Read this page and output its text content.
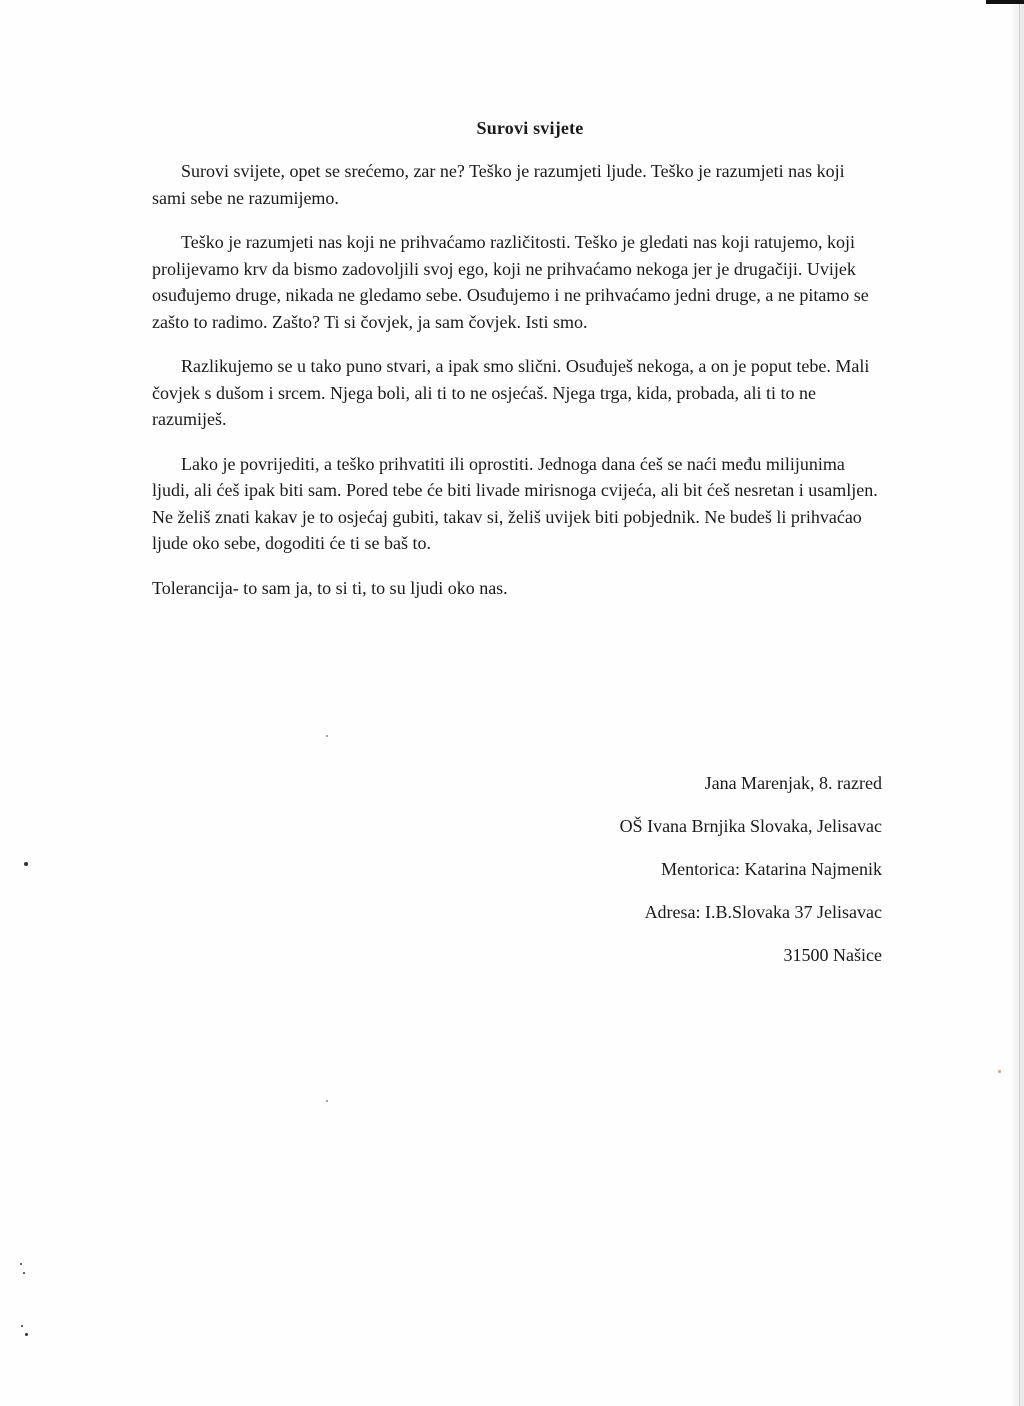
Surovi svijete

Surovi svijete, opet se srećemo, zar ne? Teško je razumjeti ljude. Teško je razumjeti nas koji sami sebe ne razumijemo.

Teško je razumjeti nas koji ne prihvaćamo različitosti. Teško je gledati nas koji ratujemo, koji prolijevamo krv da bismo zadovoljili svoj ego, koji ne prihvaćamo nekoga jer je drugačiji. Uvijek osuđujemo druge, nikada ne gledamo sebe. Osuđujemo i ne prihvaćamo jedni druge, a ne pitamo se zašto to radimo. Zašto? Ti si čovjek, ja sam čovjek. Isti smo.

Razlikujemo se u tako puno stvari, a ipak smo slični. Osuđuješ nekoga, a on je poput tebe. Mali čovjek s dušom i srcem. Njega boli, ali ti to ne osjećaš. Njega trga, kida, probada, ali ti to ne razumiješ.

Lako je povrijediti, a teško prihvatiti ili oprostiti. Jednoga dana ćeš se naći među milijunima ljudi, ali ćeš ipak biti sam. Pored tebe će biti livade mirisnoga cvijeća, ali bit ćeš nesretan i usamljen. Ne želiš znati kakav je to osjećaj gubiti, takav si, želiš uvijek biti pobjednik. Ne budeš li prihvaćao ljude oko sebe, dogoditi će ti se baš to.

Tolerancija- to sam ja, to si ti, to su ljudi oko nas.

Jana Marenjak, 8. razred
OŠ Ivana Brnjika Slovaka, Jelisavac
Mentorica: Katarina Najmenik
Adresa: I.B.Slovaka 37 Jelisavac
31500 Našice
